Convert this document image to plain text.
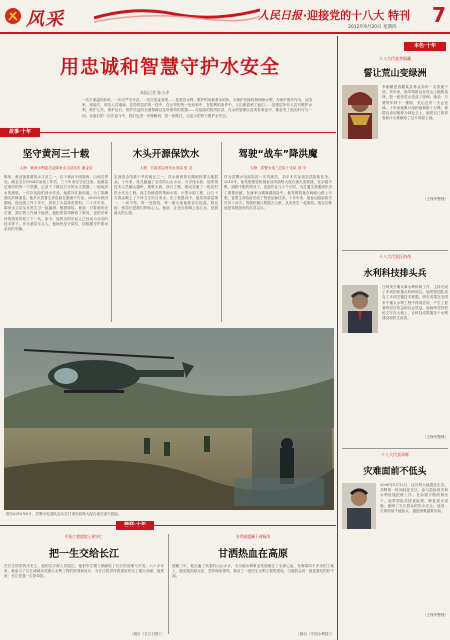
风采	人民日报 ·迎接党的十八大 特刊 7
2012年9月20日 星期四
用忠诚和智慧守护水安全
本报记者 陈小净
一次次重温和补给，一次次严守半浮，一次次见证奋堂……是基层水利、维护的用最基本的执、为保护后续机制保障水利、为保护维多作为，从国家，到地方，到各人员地域，在防汛抗洪的一线中，在水旱的每一处坎和中，在防利的条件中，人们都看到了他们……是基层所有人员对维护水利、维护公共、维护运行、维护效益的全面保障以及所保持的智慧——在接续的防汛抗洪、在水的管理以及所有事业中，都奋发了他们的可与一切。从他们的一次次奋斗中，我们也进一步理解到，将一如既往，以更大的努力保护水安全。
故事·十年
坚守黄河三十载
人物：黄河水利委员会陈家水文站站长 谢金宝
陈家，黄河最重要的水文站之一，位于黄河中段陕西、山西交界处。谢金宝自1984年参加工作后，三十年来坚守在这里。他测量过黄河的每一个汛期，记录下了数以万计的水文数据。一场场洪水的测验，一次次危险的涉水作业，他都冲在最前面。为了准确测出洪峰流量，他多次冒着生命危险在激流中作业。2003年秋汛期间，他连续工作十多天，获取了大量珍贵资料。二十多年来，陈家水文站从未发生过一起漏测、错测事故。他说：只要黄河还在流，我们的工作就不能停。他把青春奉献给了黄河，也把对黄河的热爱传给了下一代。如今，他带出的年轻人已经成为各站的技术骨干。作为基层水文人，他始终坚守岗位，用数据守护着母亲河的安澜。
木头开源保饮水
人物：甘肃省定西市水务局 张 灵
定西是全国最干旱的地区之一，饮水困难曾长期困扰着当地群众。十年来，张灵跑遍了全市的山山水水，为寻找水源，他带领技术人员翻山越岭，勘察水源，设计工程，推动实施了一批农村饮水安全工程。他主持修建的集雨水窖、小型水源工程，让几十万群众喝上了干净卫生的自来水。在工程建设中，他坚持质量第一，一丝不苟，每一处管线、每一座水池他都亲自检查。群众说：张局长是我们的贴心人。他说：让老百姓喝上放心水，是我最大的心愿。
驾驶“战车”降洪魔
人物：武警水电三总队十支队 刘 平
作为武警水电部队的一名驾驶员，刘平多次参加抗洪抢险任务。2010年，他驾驶重型机械参加舟曲特大泥石流灾害救援，在余震不断、道路中断的情况下，连续作业几十个小时，为打通生命通道作出了重要贡献。在唐家山堰塞湖抢险中，他驾驶装备在崎岖山路上行驶，冒着生命危险完成了物资运输任务。十多年来，他参加抢险救灾任务十余次，驾驶机械行程数万公里，从未发生一起事故。战友们称他是驾驶战车的抗洪尖兵。
图为2010年8月，武警水电部队官兵在甘肃舟曲特大泥石流灾害中抢险。
中国工程院院士胡守仁
把一生交给长江
在长江防洪的历史上，他的名字被人们铭记。他把毕生精力都献给了长江的治理与开发。六十多年来，他参与了长江流域多项重大水利工程的规划和设计，为长江防洪体系建设作出了重大贡献。他常说：长江是我一生的牵挂。
（摘自《长江日报》）
水利部援藏干部杨涛
甘洒热血在高原
援藏三年，他走遍了高原的山山水水，为当地水利事业发展倾注了全部心血。在海拔四千多米的工地上，他克服高原反应，坚持现场指导，推动了一批民生水利工程的建设。当地群众说：他是我们的好干部。
（摘自《中国水利报》）
本色·十年
十八大代表李娟藏
誓让荒山变绿洲
李娟藏是西藏某县林业局的一名普通干部，多年来，她带领群众在荒山上植树造林，把一座座荒山变成了绿洲。她说：只要每年种下一棵树，荒山总有一天会变绿。十年来她累计组织植树数十万株，被群众亲切地称为绿色卫士。她把自己的青春和汗水都献给了这片高原土地。
（王保华整理）
十八大代表汪尚茂
水利科技排头兵
汪尚茂长期从事水利科研工作，主持完成了多项国家重点科研项目。他带领团队攻克了多项关键技术难题，研究成果在全国多个重大水利工程中得到应用，产生了显著的经济效益和社会效益。他始终坚持把论文写在大地上，让科技成果服务于水利建设和民生改善。
（王保华整理）
十八大代表邓辉
灾难面前不低头
2008年5月12日，汶川特大地震发生后，邓辉第一时间赶赴灾区，参与抢险救灾和水利设施抢修工作。在余震不断的情况下，他带领队员排查险情，修复供水设施，保障了灾区群众的饮水安全。他说：灾难面前不能低头，越是困难越要向前。
（王保华整理）
